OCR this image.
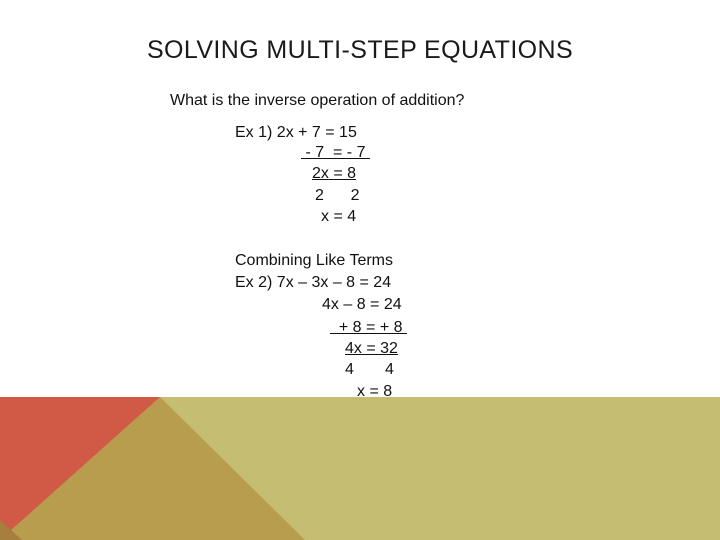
SOLVING MULTI-STEP EQUATIONS

What is the inverse operation of addition?

Ex 1) 2x + 7 = 15
- 7  = - 7
2x = 8
2      2
x = 4
Combining Like Terms
Ex 2) 7x – 3x – 8 = 24
4x – 8 = 24
+ 8 = + 8
4x = 32
4       4
x = 8
